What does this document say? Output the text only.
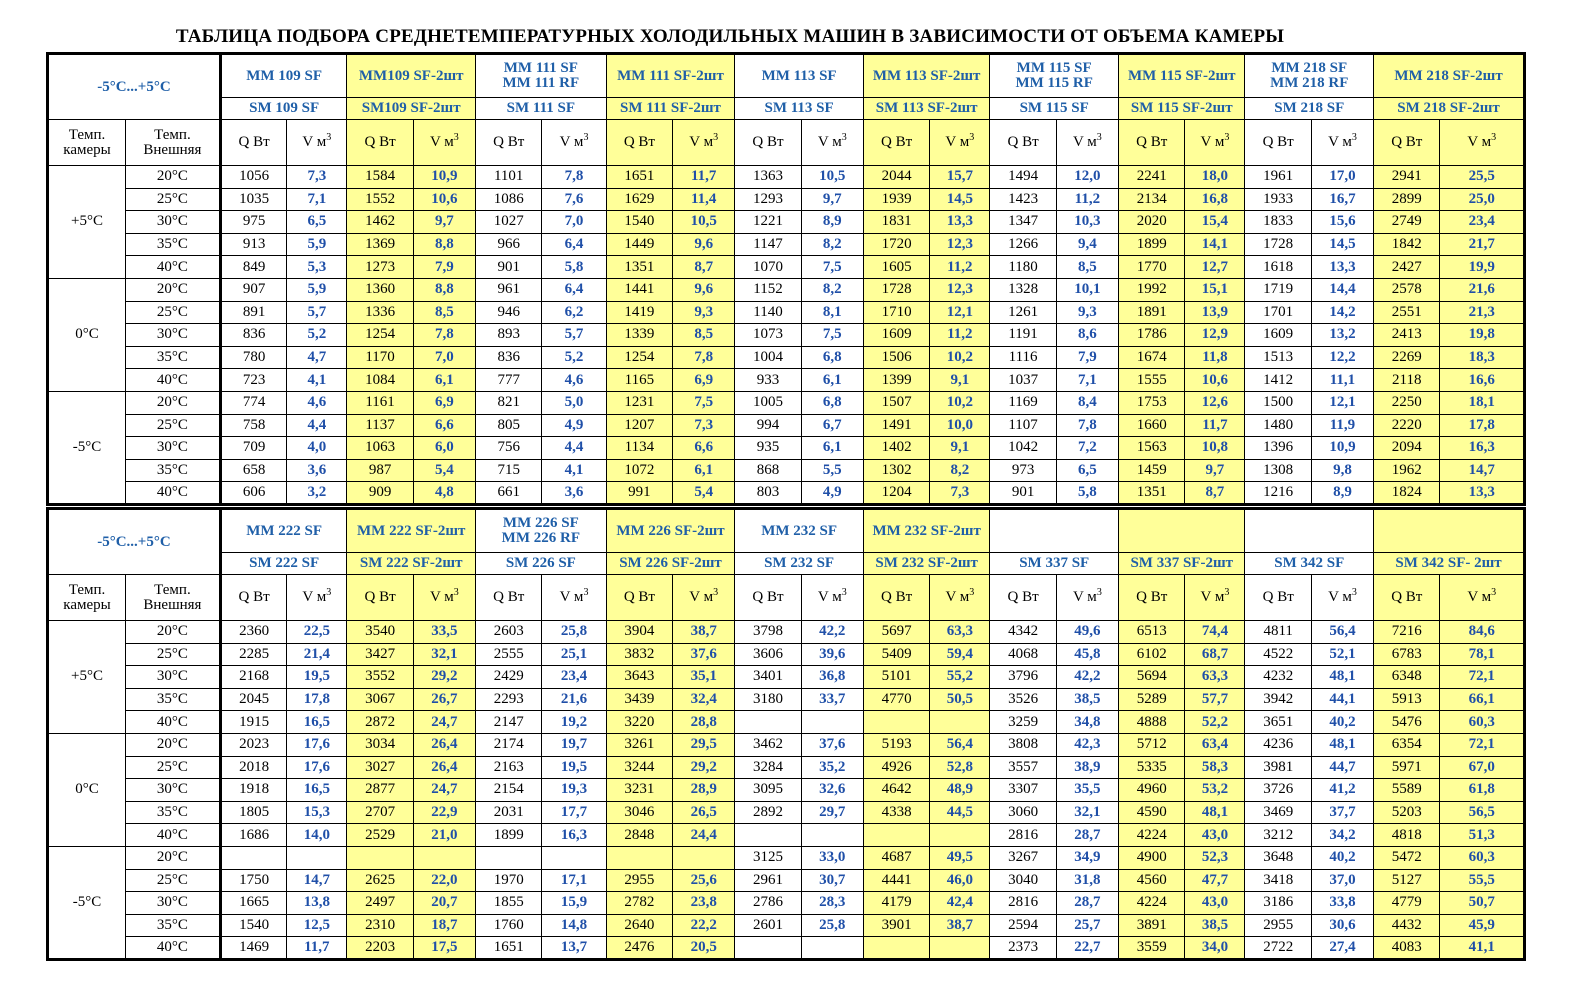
ТАБЛИЦА ПОДБОРА СРЕДНЕТЕМПЕРАТУРНЫХ ХОЛОДИЛЬНЫХ МАШИН В ЗАВИСИМОСТИ ОТ ОБЪЕМА КАМЕРЫ
-5°C...+5°C		MM 109 SF		MM109 SF-2шт		MM 111 SF
MM 111 RF		MM 111 SF-2шт		MM 113 SF		MM 113 SF-2шт		MM 115 SF
MM 115 RF		MM 115 SF-2шт		MM 218 SF
MM 218 RF		MM 218 SF-2шт	
		SM 109 SF		SM109 SF-2шт		SM 111 SF		SM 111 SF-2шт		SM 113 SF		SM 113 SF-2шт		SM 115 SF		SM 115 SF-2шт		SM 218 SF		SM 218 SF-2шт	
Темп. камеры	Темп. Внешняя	Q Вт	V $м^3$	Q Вт	V $м^3$	Q Вт	V $м^3$	Q Вт	V $м^3$	Q Вт	V $м^3$	Q Вт	V $м^3$	Q Вт	V $м^3$	Q Вт	V $м^3$	Q Вт	V $м^3$	Q Вт	V $м^3$
+5°C	20°C	1056	7,3	1584	10,9	1101	7,8	1651	11,7	1363	10,5	2044	15,7	1494	12,0	2241	18,0	1961	17,0	2941	25,5
	25°C	1035	7,1	1552	10,6	1086	7,6	1629	11,4	1293	9,7	1939	14,5	1423	11,2	2134	16,8	1933	16,7	2899	25,0
	30°C	975	6,5	1462	9,7	1027	7,0	1540	10,5	1221	8,9	1831	13,3	1347	10,3	2020	15,4	1833	15,6	2749	23,4
	35°C	913	5,9	1369	8,8	966	6,4	1449	9,6	1147	8,2	1720	12,3	1266	9,4	1899	14,1	1728	14,5	1842	21,7
	40°C	849	5,3	1273	7,9	901	5,8	1351	8,7	1070	7,5	1605	11,2	1180	8,5	1770	12,7	1618	13,3	2427	19,9
0°C	20°C	907	5,9	1360	8,8	961	6,4	1441	9,6	1152	8,2	1728	12,3	1328	10,1	1992	15,1	1719	14,4	2578	21,6
	25°C	891	5,7	1336	8,5	946	6,2	1419	9,3	1140	8,1	1710	12,1	1261	9,3	1891	13,9	1701	14,2	2551	21,3
	30°C	836	5,2	1254	7,8	893	5,7	1339	8,5	1073	7,5	1609	11,2	1191	8,6	1786	12,9	1609	13,2	2413	19,8
	35°C	780	4,7	1170	7,0	836	5,2	1254	7,8	1004	6,8	1506	10,2	1116	7,9	1674	11,8	1513	12,2	2269	18,3
	40°C	723	4,1	1084	6,1	777	4,6	1165	6,9	933	6,1	1399	9,1	1037	7,1	1555	10,6	1412	11,1	2118	16,6
-5°C	20°C	774	4,6	1161	6,9	821	5,0	1231	7,5	1005	6,8	1507	10,2	1169	8,4	1753	12,6	1500	12,1	2250	18,1
	25°C	758	4,4	1137	6,6	805	4,9	1207	7,3	994	6,7	1491	10,0	1107	7,8	1660	11,7	1480	11,9	2220	17,8
	30°C	709	4,0	1063	6,0	756	4,4	1134	6,6	935	6,1	1402	9,1	1042	7,2	1563	10,8	1396	10,9	2094	16,3
	35°C	658	3,6	987	5,4	715	4,1	1072	6,1	868	5,5	1302	8,2	973	6,5	1459	9,7	1308	9,8	1962	14,7
	40°C	606	3,2	909	4,8	661	3,6	991	5,4	803	4,9	1204	7,3	901	5,8	1351	8,7	1216	8,9	1824	13,3
-5°C...+5°C		MM 222 SF		MM 222 SF-2шт		MM 226 SF
MM 226 RF		MM 226 SF-2шт		MM 232 SF		MM 232 SF-2шт									
		SM 222 SF		SM 222 SF-2шт		SM 226 SF		SM 226 SF-2шт		SM 232 SF		SM 232 SF-2шт		SM 337 SF		SM 337 SF-2шт		SM 342 SF		SM 342 SF- 2шт	
Темп. камеры	Темп. Внешняя	Q Вт	V $м^3$	Q Вт	V $м^3$	Q Вт	V $м^3$	Q Вт	V $м^3$	Q Вт	V $м^3$	Q Вт	V $м^3$	Q Вт	V $м^3$	Q Вт	V $м^3$	Q Вт	V $м^3$	Q Вт	V $м^3$
+5°C	20°C	2360	22,5	3540	33,5	2603	25,8	3904	38,7	3798	42,2	5697	63,3	4342	49,6	6513	74,4	4811	56,4	7216	84,6
	25°C	2285	21,4	3427	32,1	2555	25,1	3832	37,6	3606	39,6	5409	59,4	4068	45,8	6102	68,7	4522	52,1	6783	78,1
	30°C	2168	19,5	3552	29,2	2429	23,4	3643	35,1	3401	36,8	5101	55,2	3796	42,2	5694	63,3	4232	48,1	6348	72,1
	35°C	2045	17,8	3067	26,7	2293	21,6	3439	32,4	3180	33,7	4770	50,5	3526	38,5	5289	57,7	3942	44,1	5913	66,1
	40°C	1915	16,5	2872	24,7	2147	19,2	3220	28,8					3259	34,8	4888	52,2	3651	40,2	5476	60,3
0°C	20°C	2023	17,6	3034	26,4	2174	19,7	3261	29,5	3462	37,6	5193	56,4	3808	42,3	5712	63,4	4236	48,1	6354	72,1
	25°C	2018	17,6	3027	26,4	2163	19,5	3244	29,2	3284	35,2	4926	52,8	3557	38,9	5335	58,3	3981	44,7	5971	67,0
	30°C	1918	16,5	2877	24,7	2154	19,3	3231	28,9	3095	32,6	4642	48,9	3307	35,5	4960	53,2	3726	41,2	5589	61,8
	35°C	1805	15,3	2707	22,9	2031	17,7	3046	26,5	2892	29,7	4338	44,5	3060	32,1	4590	48,1	3469	37,7	5203	56,5
	40°C	1686	14,0	2529	21,0	1899	16,3	2848	24,4					2816	28,7	4224	43,0	3212	34,2	4818	51,3
-5°C	20°C									3125	33,0	4687	49,5	3267	34,9	4900	52,3	3648	40,2	5472	60,3
	25°C	1750	14,7	2625	22,0	1970	17,1	2955	25,6	2961	30,7	4441	46,0	3040	31,8	4560	47,7	3418	37,0	5127	55,5
	30°C	1665	13,8	2497	20,7	1855	15,9	2782	23,8	2786	28,3	4179	42,4	2816	28,7	4224	43,0	3186	33,8	4779	50,7
	35°C	1540	12,5	2310	18,7	1760	14,8	2640	22,2	2601	25,8	3901	38,7	2594	25,7	3891	38,5	2955	30,6	4432	45,9
	40°C	1469	11,7	2203	17,5	1651	13,7	2476	20,5					2373	22,7	3559	34,0	2722	27,4	4083	41,1
